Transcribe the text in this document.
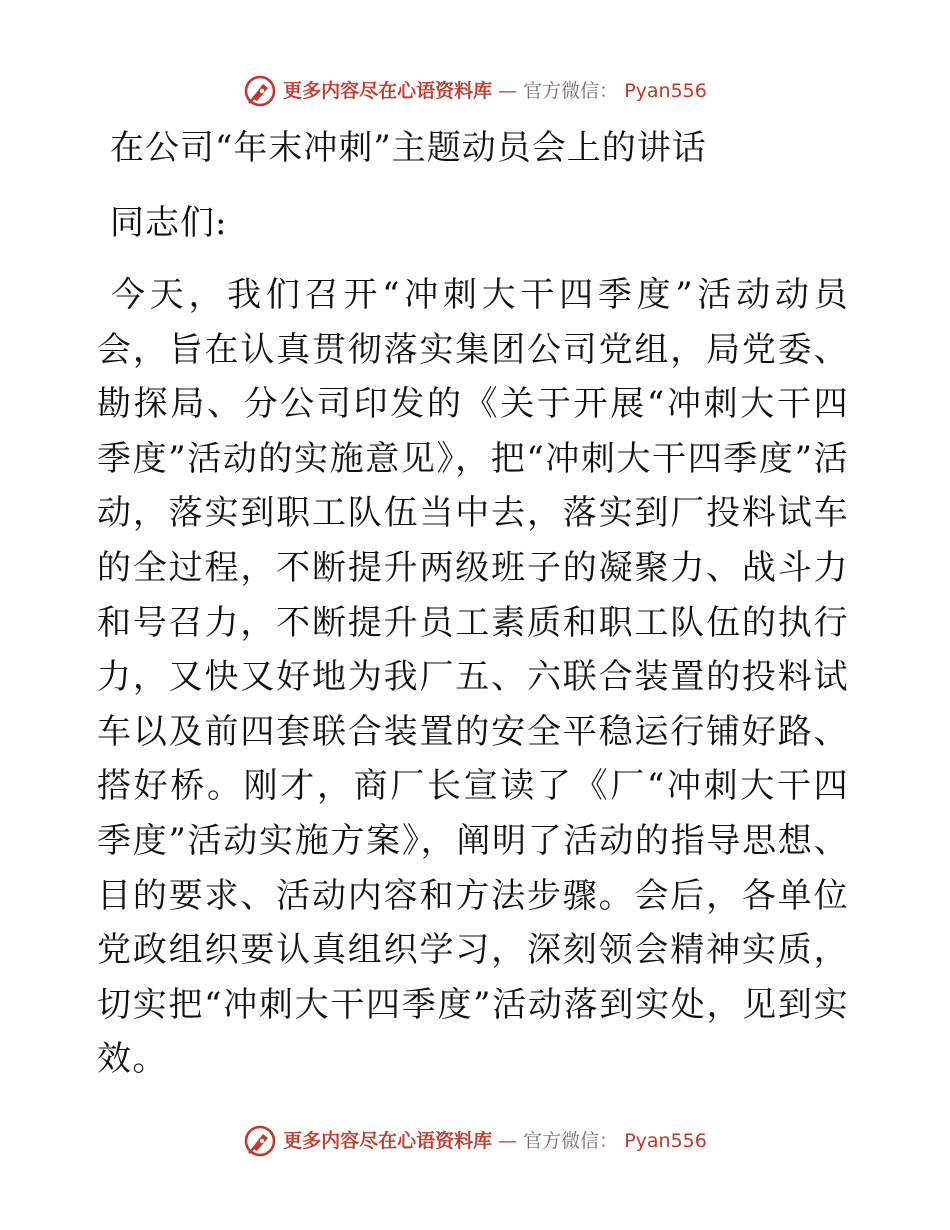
更多内容尽在心语资料库 — 官方微信： Pyan556
在公司“年末冲刺”主题动员会上的讲话

同志们:

今天，我们召开“冲刺大干四季度”活动动员会，旨在认真贯彻落实集团公司党组，局党委、勘探局、分公司印发的《关于开展“冲刺大干四季度”活动的实施意见》，把“冲刺大干四季度”活动，落实到职工队伍当中去，落实到厂投料试车的全过程，不断提升两级班子的凝聚力、战斗力和号召力，不断提升员工素质和职工队伍的执行力，又快又好地为我厂五、六联合装置的投料试车以及前四套联合装置的安全平稳运行铺好路、搭好桥。刚才，商厂长宣读了《厂“冲刺大干四季度”活动实施方案》，阐明了活动的指导思想、目的要求、活动内容和方法步骤。会后，各单位党政组织要认真组织学习，深刻领会精神实质，切实把“冲刺大干四季度”活动落到实处，见到实效。

更多内容尽在心语资料库 — 官方微信： Pyan556
